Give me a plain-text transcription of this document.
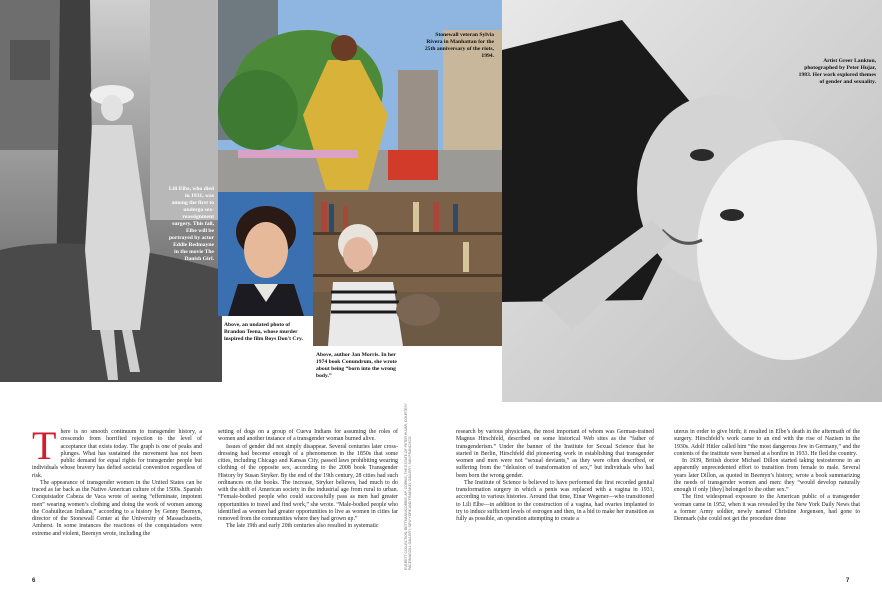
Lili Elbe, who died in 1931, was among the first to undergo sex-reassignment surgery. This fall, Elbe will be portrayed by actor Eddie Redmayne in the movie The Danish Girl.
Stonewall veteran Sylvia Rivera in Manhattan for the 25th anniversary of the riots, 1994.
Above, an undated photo of Brandon Teena, whose murder inspired the film Boys Don't Cry.
Above, author Jan Morris. In her 1974 book Conundrum, she wrote about being “born into the wrong body.”
Artist Greer Lankton, photographed by Peter Hujar, 1983. Her work explored themes of gender and sexuality.
T here is no smooth continuum to transgender history, a crescendo from horrified rejection to the level of acceptance that exists today. The graph is one of peaks and plunges. What has sustained the movement has not been public demand for equal rights for transgender people but individuals whose bravery has defied societal convention regardless of risk.

The appearance of transgender women in the United States can be traced as far back as the Native American culture of the 1500s. Spanish Conquistador Cabeza de Vaca wrote of seeing “effeminate, impotent men” wearing women’s clothing and doing the work of women among the Coahuiltecan Indians,” according to a history by Genny Beemyn, director of the Stonewall Center at the University of Massachusetts, Amherst. In some instances the reactions of the conquistadors were extreme and violent, Beemyn wrote, including the

setting of dogs on a group of Cueva Indians for assuming the roles of women and another instance of a transgender woman burned alive.

Issues of gender did not simply disappear. Several centuries later cross-dressing had become enough of a phenomenon in the 1850s that some cities, including Chicago and Kansas City, passed laws prohibiting wearing clothing of the opposite sex, according to the 2008 book Transgender History by Susan Stryker. By the end of the 19th century, 28 cities had such ordinances on the books. The increase, Stryker believes, had much to do with the shift of American society in the industrial age from rural to urban. “Female-bodied people who could successfully pass as men had greater opportunities to travel and find work,” she wrote. “Male-bodied people who identified as women had greater opportunities to live as women in cities far removed from the communities where they had grown up.”

The late 19th and early 20th centuries also resulted in systematic	EVERETT COLLECTION; BETTMANN/CORBIS; AP; CORBIS; THE ESTATE OF PETER HUJAR, COURTESY PACE/MACGILL GALLERY, NEW YORK AND FRAENKEL GALLERY, SAN FRANCISCO

research by various physicians, the most important of whom was German-trained Magnus Hirschfeld, described on some historical Web sites as the “father of transgenderism.” Under the banner of the Institute for Sexual Science that he started in Berlin, Hirschfeld did pioneering work in establishing that transgender women and men were not “sexual deviants,” as they were often described, or suffering from the “delusion of transformation of sex,” but individuals who had been born the wrong gender.

The Institute of Science is believed to have performed the first recorded genital transformation surgery in which a penis was replaced with a vagina in 1931, according to various histories. Around that time, Einar Wegener—who transitioned to Lili Elbe—in addition to the construction of a vagina, had ovaries implanted to try to induce sufficient levels of estrogen and then, in a bid to make her transition as fully as possible, an operation attempting to create a

uterus in order to give birth; it resulted in Elbe’s death in the aftermath of the surgery. Hirschfeld’s work came to an end with the rise of Nazism in the 1930s. Adolf Hitler called him “the most dangerous Jew in Germany,” and the contents of the institute were burned at a bonfire in 1933. He fled the country.

In 1939, British doctor Michael Dillon started taking testosterone in an apparently unprecedented effort to transition from female to male. Several years later Dillon, as quoted in Beemyn’s history, wrote a book summarizing the needs of transgender women and men: they “would develop naturally enough if only [they] belonged to the other sex.”

The first widespread exposure to the American public of a transgender woman came in 1952, when it was revealed by the New York Daily News that a former Army soldier, newly named Christine Jorgensen, had gone to Denmark (she could not get the procedure done

6	7
